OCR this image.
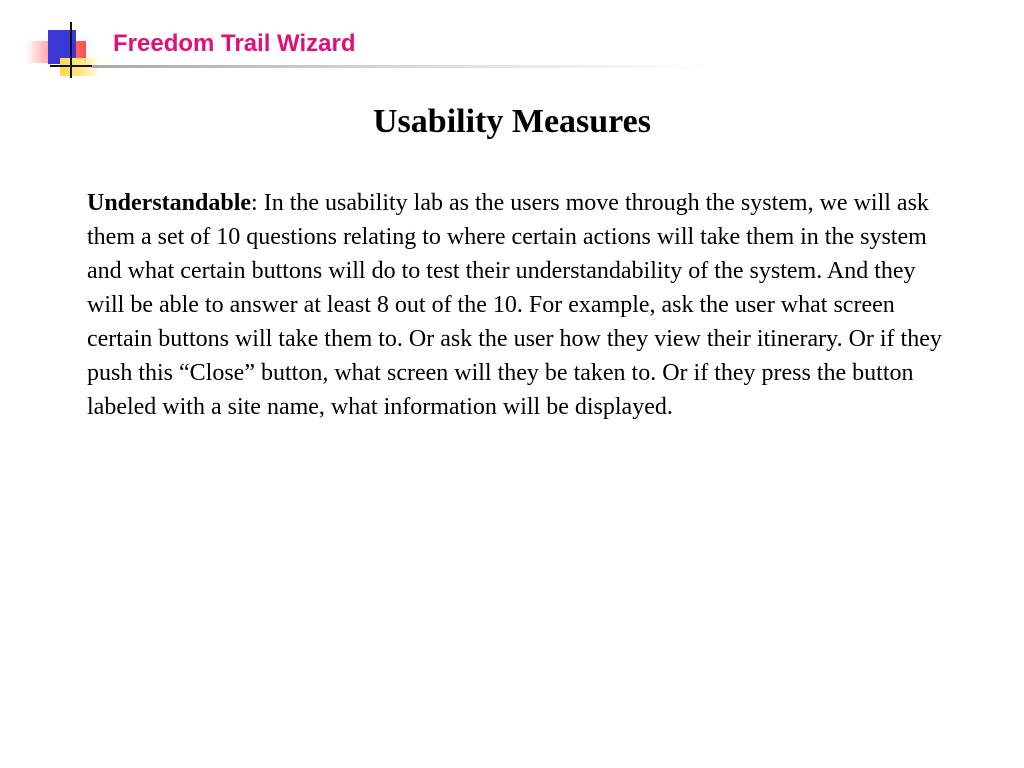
Freedom Trail Wizard
Usability Measures
Understandable: In the usability lab as the users move through the system, we will ask them a set of 10 questions relating to where certain actions will take them in the system and what certain buttons will do to test their understandability of the system. And they will be able to answer at least 8 out of the 10. For example, ask the user what screen certain buttons will take them to. Or ask the user how they view their itinerary. Or if they push this “Close” button, what screen will they be taken to. Or if they press the button labeled with a site name, what information will be displayed.
